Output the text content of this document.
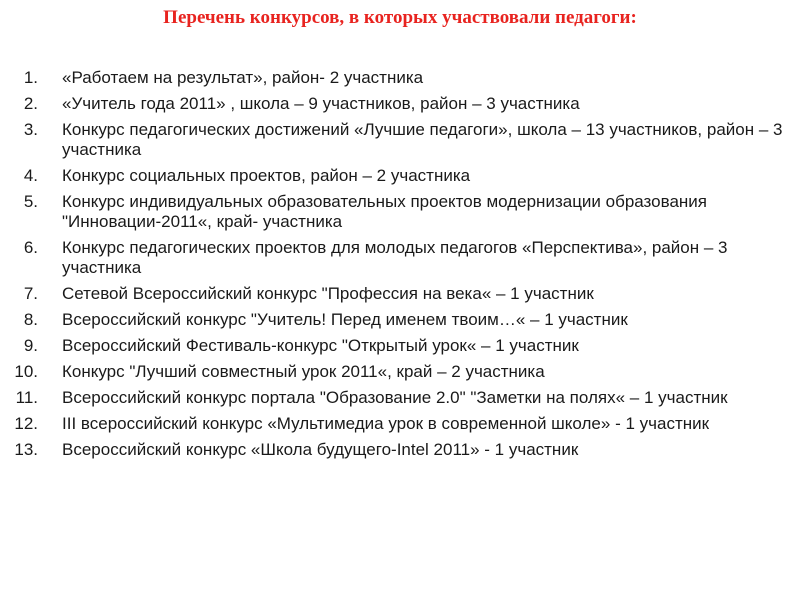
Перечень конкурсов, в которых участвовали педагоги:
1. «Работаем на результат», район- 2 участника
2. «Учитель года 2011» , школа – 9 участников, район – 3 участника
3. Конкурс педагогических достижений «Лучшие педагоги», школа – 13 участников, район – 3 участника
4. Конкурс социальных проектов, район – 2 участника
5. Конкурс индивидуальных образовательных проектов модернизации образования "Инновации-2011«, край- участника
6. Конкурс педагогических проектов для молодых педагогов «Перспектива», район – 3 участника
7. Сетевой Всероссийский конкурс "Профессия на века« – 1 участник
8. Всероссийский конкурс "Учитель! Перед именем твоим…« – 1 участник
9. Всероссийский Фестиваль-конкурс "Открытый урок« – 1 участник
10. Конкурс "Лучший совместный урок 2011«, край – 2 участника
11. Всероссийский конкурс портала "Образование 2.0" "Заметки на полях« – 1 участник
12. III всероссийский конкурс «Мультимедиа урок в современной школе» - 1 участник
13. Всероссийский конкурс «Школа будущего-Intel 2011» - 1 участник
